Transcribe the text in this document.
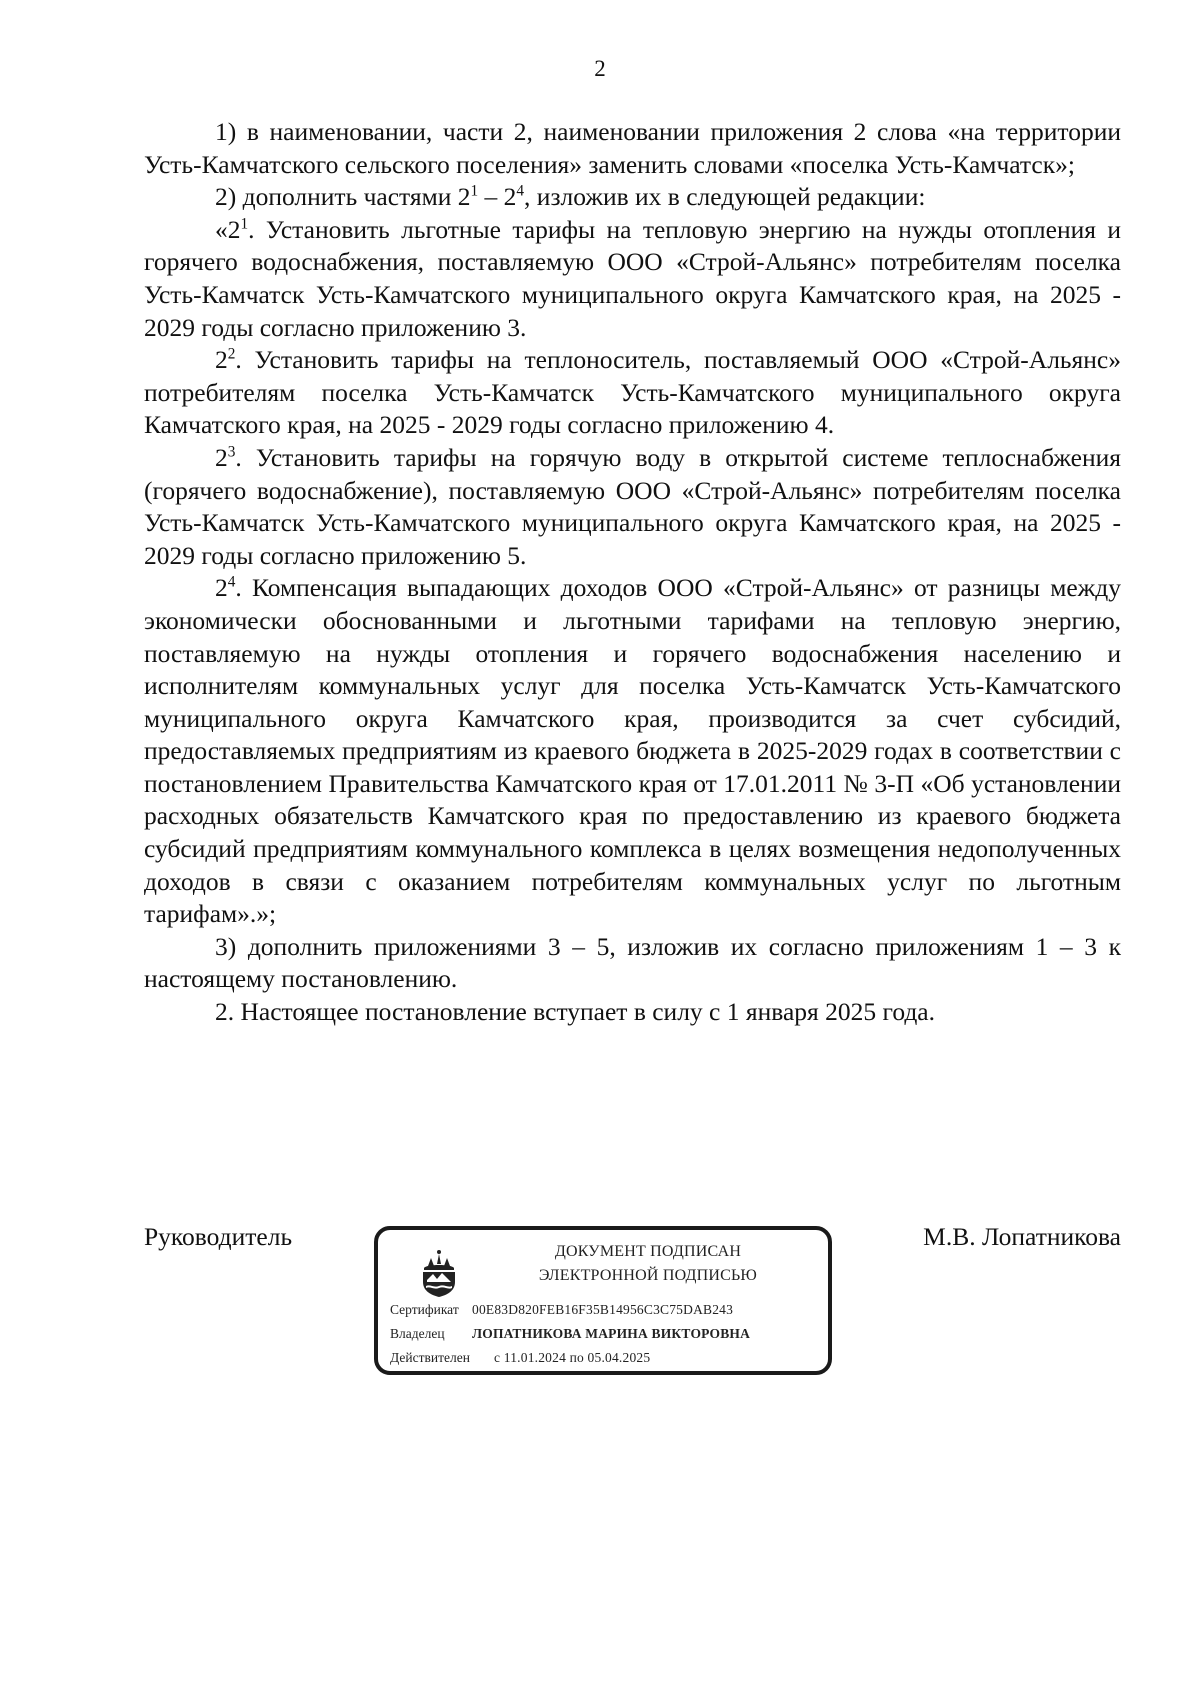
2

1) в наименовании, части 2, наименовании приложения 2 слова «на территории Усть-Камчатского сельского поселения» заменить словами «поселка Усть-Камчатск»;

2) дополнить частями $2^1 - 2^4$, изложив их в следующей редакции:

«$2^1$. Установить льготные тарифы на тепловую энергию на нужды отопления и горячего водоснабжения, поставляемую ООО «Строй-Альянс» потребителям поселка Усть-Камчатск Усть-Камчатского муниципального округа Камчатского края, на 2025 - 2029 годы согласно приложению 3.

$2^2$. Установить тарифы на теплоноситель, поставляемый ООО «Строй-Альянс» потребителям поселка Усть-Камчатск Усть-Камчатского муниципального округа Камчатского края, на 2025 - 2029 годы согласно приложению 4.

$2^3$. Установить тарифы на горячую воду в открытой системе теплоснабжения (горячего водоснабжение), поставляемую ООО «Строй-Альянс» потребителям поселка Усть-Камчатск Усть-Камчатского муниципального округа Камчатского края, на 2025 - 2029 годы согласно приложению 5.

$2^4$. Компенсация выпадающих доходов ООО «Строй-Альянс» от разницы между экономически обоснованными и льготными тарифами на тепловую энергию, поставляемую на нужды отопления и горячего водоснабжения населению и исполнителям коммунальных услуг для поселка Усть-Камчатск Усть-Камчатского муниципального округа Камчатского края, производится за счет субсидий, предоставляемых предприятиям из краевого бюджета в 2025-2029 годах в соответствии с постановлением Правительства Камчатского края от 17.01.2011 № 3-П «Об установлении расходных обязательств Камчатского края по предоставлению из краевого бюджета субсидий предприятиям коммунального комплекса в целях возмещения недополученных доходов в связи с оказанием потребителям коммунальных услуг по льготным тарифам».»;

3) дополнить приложениями 3 – 5, изложив их согласно приложениям 1 – 3 к настоящему постановлению.

2. Настоящее постановление вступает в силу с 1 января 2025 года.

Руководитель	М.В. Лопатникова
ДОКУМЕНТ ПОДПИСАН
ЭЛЕКТРОННОЙ ПОДПИСЬЮ
Сертификат 00E83D820FEB16F35B14956C3C75DAB243
Владелец ЛОПАТНИКОВА МАРИНА ВИКТОРОВНА
Действителен с 11.01.2024 по 05.04.2025
